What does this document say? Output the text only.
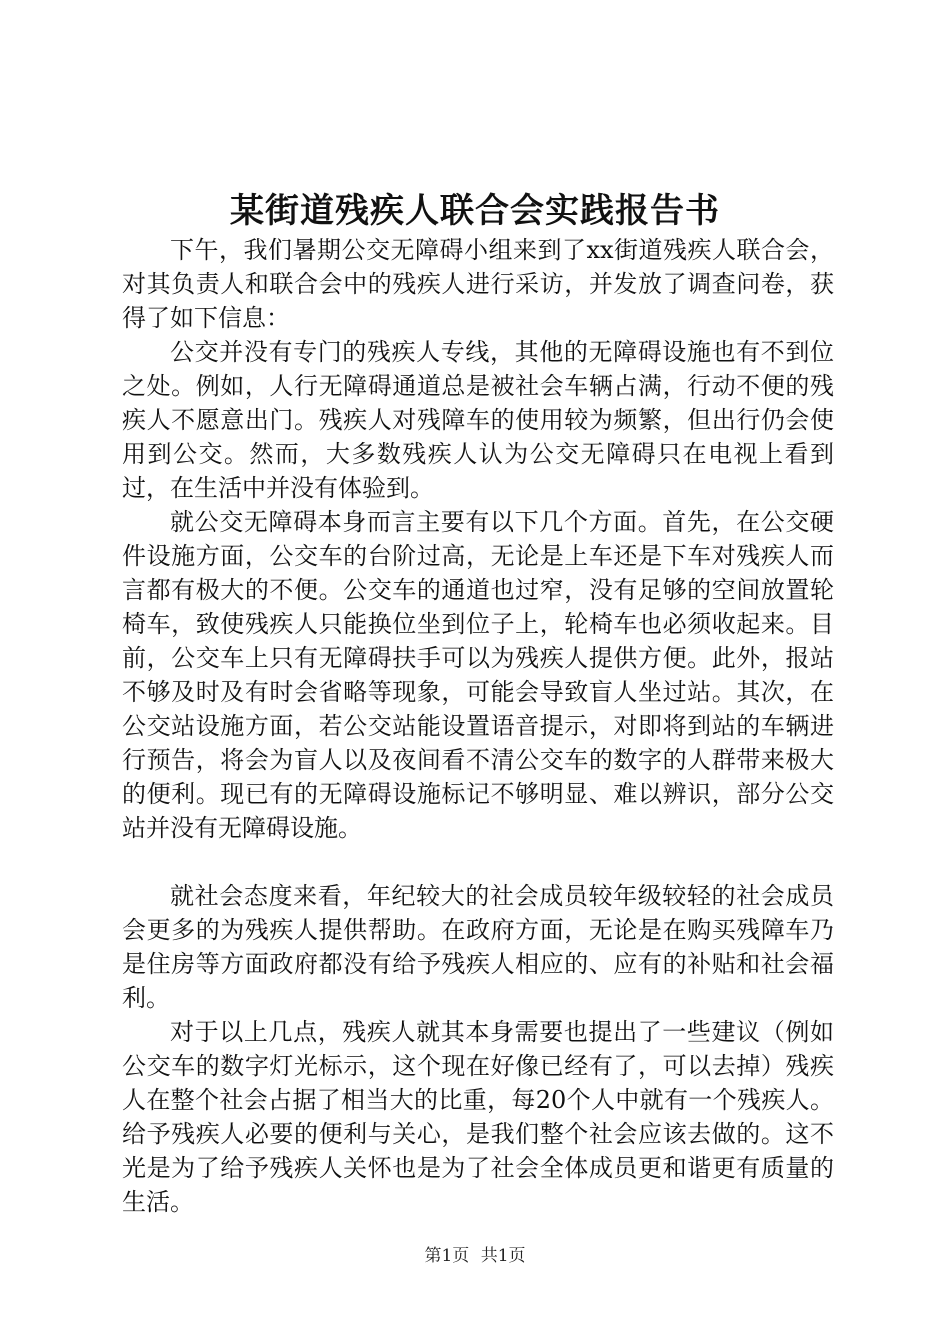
某街道残疾人联合会实践报告书

下午，我们暑期公交无障碍小组来到了xx街道残疾人联合会，对其负责人和联合会中的残疾人进行采访，并发放了调查问卷，获得了如下信息：

公交并没有专门的残疾人专线，其他的无障碍设施也有不到位之处。例如，人行无障碍通道总是被社会车辆占满，行动不便的残疾人不愿意出门。残疾人对残障车的使用较为频繁，但出行仍会使用到公交。然而，大多数残疾人认为公交无障碍只在电视上看到过，在生活中并没有体验到。

就公交无障碍本身而言主要有以下几个方面。首先，在公交硬件设施方面，公交车的台阶过高，无论是上车还是下车对残疾人而言都有极大的不便。公交车的通道也过窄，没有足够的空间放置轮椅车，致使残疾人只能换位坐到位子上，轮椅车也必须收起来。目前，公交车上只有无障碍扶手可以为残疾人提供方便。此外，报站不够及时及有时会省略等现象，可能会导致盲人坐过站。其次，在公交站设施方面，若公交站能设置语音提示，对即将到站的车辆进行预告，将会为盲人以及夜间看不清公交车的数字的人群带来极大的便利。现已有的无障碍设施标记不够明显、难以辨识，部分公交站并没有无障碍设施。

就社会态度来看，年纪较大的社会成员较年级较轻的社会成员会更多的为残疾人提供帮助。在政府方面，无论是在购买残障车乃是住房等方面政府都没有给予残疾人相应的、应有的补贴和社会福利。

对于以上几点，残疾人就其本身需要也提出了一些建议（例如公交车的数字灯光标示，这个现在好像已经有了，可以去掉）残疾人在整个社会占据了相当大的比重，每20个人中就有一个残疾人。给予残疾人必要的便利与关心，是我们整个社会应该去做的。这不光是为了给予残疾人关怀也是为了社会全体成员更和谐更有质量的生活。

第1页 共1页
